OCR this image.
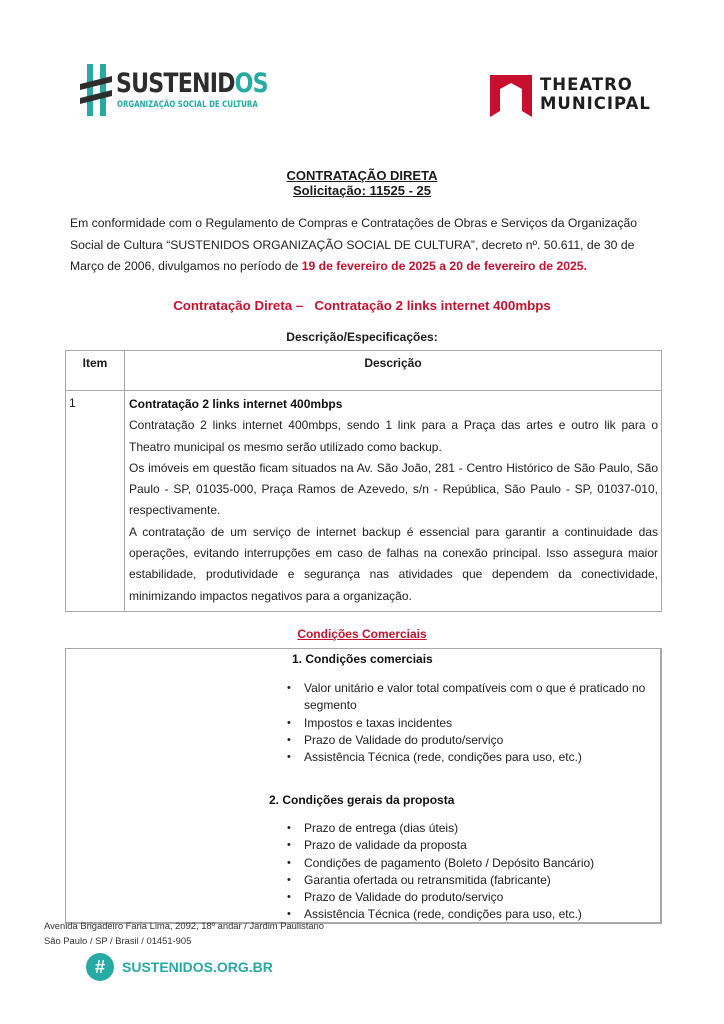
SUSTENIDOS
ORGANIZAÇÃO SOCIAL DE CULTURA
THEATRO
MUNICIPAL
CONTRATAÇÃO DIRETA
Solicitação: 11525 - 25

Em conformidade com o Regulamento de Compras e Contratações de Obras e Serviços da Organização Social de Cultura “SUSTENIDOS ORGANIZAÇÃO SOCIAL DE CULTURA”, decreto nº. 50.611, de 30 de Março de 2006, divulgamos no período de 19 de fevereiro de 2025 a 20 de fevereiro de 2025.

Contratação Direta –   Contratação 2 links internet 400mbps
Descrição/Especificações:
Item	Descrição
1	Contratação 2 links internet 400mbps
Contratação 2 links internet 400mbps, sendo 1 link para a Praça das artes e outro lik para o Theatro municipal os mesmo serão utilizado como backup.
Os imóveis em questão ficam situados na Av. São João, 281 - Centro Histórico de São Paulo, São Paulo - SP, 01035-000, Praça Ramos de Azevedo, s/n - República, São Paulo - SP, 01037-010, respectivamente.
A contratação de um serviço de internet backup é essencial para garantir a continuidade das operações, evitando interrupções em caso de falhas na conexão principal. Isso assegura maior estabilidade, produtividade e segurança nas atividades que dependem da conectividade, minimizando impactos negativos para a organização.
Condições Comerciais
1. Condições comerciais
• Valor unitário e valor total compatíveis com o que é praticado no segmento
• Impostos e taxas incidentes
• Prazo de Validade do produto/serviço
• Assistência Técnica (rede, condições para uso, etc.)
2. Condições gerais da proposta
• Prazo de entrega (dias úteis)
• Prazo de validade da proposta
• Condições de pagamento (Boleto / Depósito Bancário)
• Garantia ofertada ou retransmitida (fabricante)
• Prazo de Validade do produto/serviço
• Assistência Técnica (rede, condições para uso, etc.)
Avenida Brigadeiro Faria Lima, 2092, 18º andar / Jardim Paulistano
São Paulo / SP / Brasil / 01451-905
#	SUSTENIDOS.ORG.BR
